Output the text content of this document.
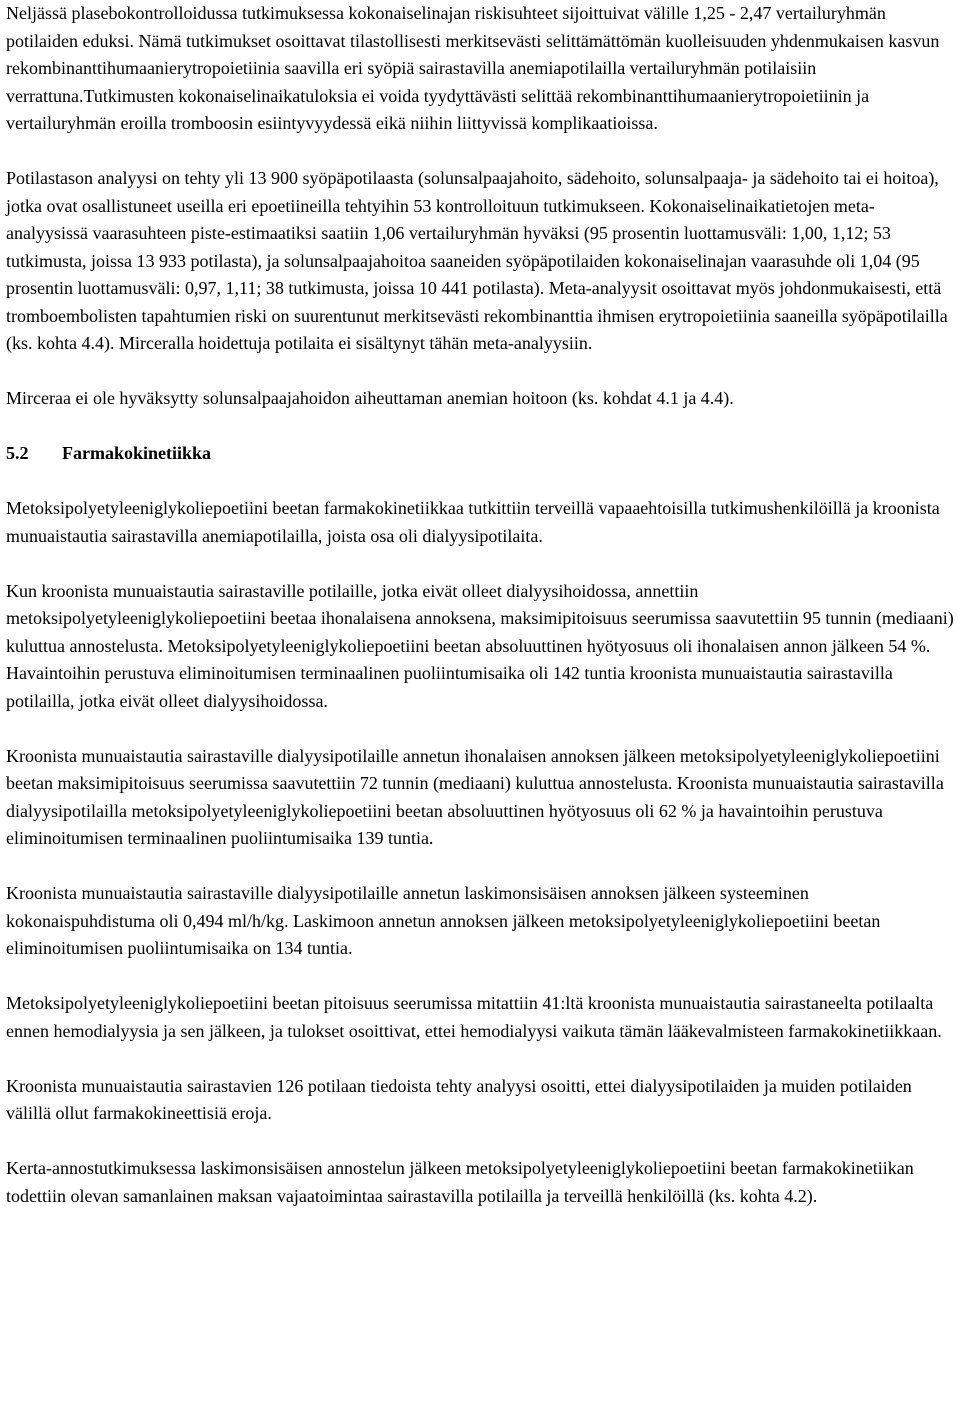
Neljässä plasebokontrolloidussa tutkimuksessa kokonaiselinajan riskisuhteet sijoittuivat välille 1,25 - 2,47 vertailuryhmän potilaiden eduksi. Nämä tutkimukset osoittavat tilastollisesti merkitsevästi selittämättömän kuolleisuuden yhdenmukaisen kasvun rekombinanttihumaanierytropoietiinia saavilla eri syöpiä sairastavilla anemiapotilailla vertailuryhmän potilaisiin verrattuna.Tutkimusten kokonaiselinaikatuloksia ei voida tyydyttävästi selittää rekombinanttihumaanierytropoietiinin ja vertailuryhmän eroilla tromboosin esiintyvyydessä eikä niihin liittyvissä komplikaatioissa.

Potilastason analyysi on tehty yli 13 900 syöpäpotilaasta (solunsalpaajahoito, sädehoito, solunsalpaaja- ja sädehoito tai ei hoitoa), jotka ovat osallistuneet useilla eri epoetiineilla tehtyihin 53 kontrolloituun tutkimukseen. Kokonaiselinaikatietojen meta-analyysissä vaarasuhteen piste-estimaatiksi saatiin 1,06 vertailuryhmän hyväksi (95 prosentin luottamusväli: 1,00, 1,12; 53 tutkimusta, joissa 13 933 potilasta), ja solunsalpaajahoitoa saaneiden syöpäpotilaiden kokonaiselinajan vaarasuhde oli 1,04 (95 prosentin luottamusväli: 0,97, 1,11; 38 tutkimusta, joissa 10 441 potilasta). Meta-analyysit osoittavat myös johdonmukaisesti, että tromboembolisten tapahtumien riski on suurentunut merkitsevästi rekombinanttia ihmisen erytropoietiinia saaneilla syöpäpotilailla (ks. kohta 4.4). Mirceralla hoidettuja potilaita ei sisältynyt tähän meta-analyysiin.

Mirceraa ei ole hyväksytty solunsalpaajahoidon aiheuttaman anemian hoitoon (ks. kohdat 4.1 ja 4.4).

5.2 Farmakokinetiikka

Metoksipolyetyleeniglykoliepoetiini beetan farmakokinetiikkaa tutkittiin terveillä vapaaehtoisilla tutkimushenkilöillä ja kroonista munuaistautia sairastavilla anemiapotilailla, joista osa oli dialyysipotilaita.

Kun kroonista munuaistautia sairastaville potilaille, jotka eivät olleet dialyysihoidossa, annettiin metoksipolyetyleeniglykoliepoetiini beetaa ihonalaisena annoksena, maksimipitoisuus seerumissa saavutettiin 95 tunnin (mediaani) kuluttua annostelusta. Metoksipolyetyleeniglykoliepoetiini beetan absoluuttinen hyötyosuus oli ihonalaisen annon jälkeen 54 %. Havaintoihin perustuva eliminoitumisen terminaalinen puoliintumisaika oli 142 tuntia kroonista munuaistautia sairastavilla potilailla, jotka eivät olleet dialyysihoidossa.

Kroonista munuaistautia sairastaville dialyysipotilaille annetun ihonalaisen annoksen jälkeen metoksipolyetyleeniglykoliepoetiini beetan maksimipitoisuus seerumissa saavutettiin 72 tunnin (mediaani) kuluttua annostelusta. Kroonista munuaistautia sairastavilla dialyysipotilailla metoksipolyetyleeniglykoliepoetiini beetan absoluuttinen hyötyosuus oli 62 % ja havaintoihin perustuva eliminoitumisen terminaalinen puoliintumisaika 139 tuntia.

Kroonista munuaistautia sairastaville dialyysipotilaille annetun laskimonsisäisen annoksen jälkeen systeeminen kokonaispuhdistuma oli 0,494 ml/h/kg. Laskimoon annetun annoksen jälkeen metoksipolyetyleeniglykoliepoetiini beetan eliminoitumisen puoliintumisaika on 134 tuntia.

Metoksipolyetyleeniglykoliepoetiini beetan pitoisuus seerumissa mitattiin 41:ltä kroonista munuaistautia sairastaneelta potilaalta ennen hemodialyysia ja sen jälkeen, ja tulokset osoittivat, ettei hemodialyysi vaikuta tämän lääkevalmisteen farmakokinetiikkaan.

Kroonista munuaistautia sairastavien 126 potilaan tiedoista tehty analyysi osoitti, ettei dialyysipotilaiden ja muiden potilaiden välillä ollut farmakokineettisiä eroja.

Kerta-annostutkimuksessa laskimonsisäisen annostelun jälkeen metoksipolyetyleeniglykoliepoetiini beetan farmakokinetiikan todettiin olevan samanlainen maksan vajaatoimintaa sairastavilla potilailla ja terveillä henkilöillä (ks. kohta 4.2).
